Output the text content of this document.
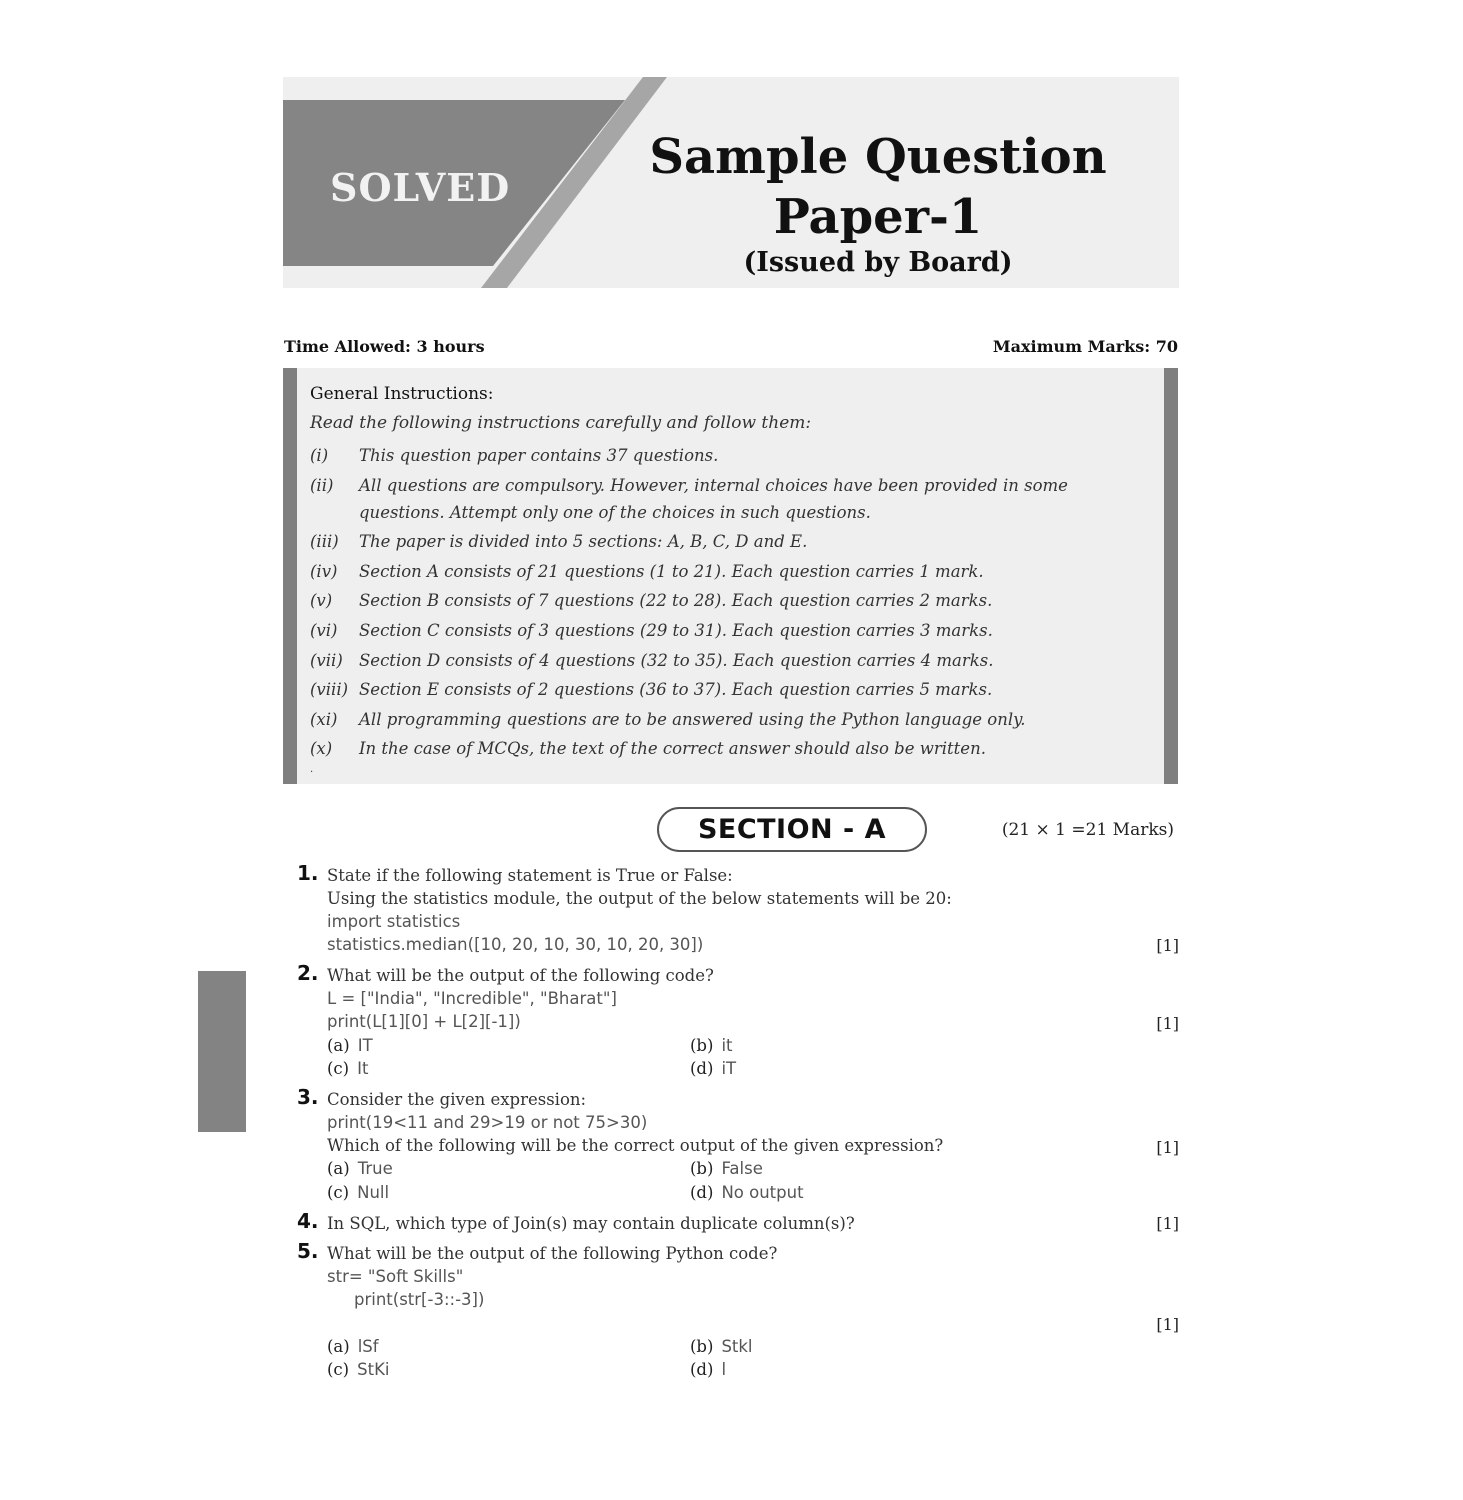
SOLVED
Sample Question
Paper-1
(Issued by Board)
Time Allowed: 3 hours	Maximum Marks: 70
General Instructions:
Read the following instructions carefully and follow them:
(i)	This question paper contains 37 questions.
(ii)	All questions are compulsory. However, internal choices have been provided in some questions. Attempt only one of the choices in such questions.
(iii)	The paper is divided into 5 sections: A, B, C, D and E.
(iv)	Section A consists of 21 questions (1 to 21). Each question carries 1 mark.
(v)	Section B consists of 7 questions (22 to 28). Each question carries 2 marks.
(vi)	Section C consists of 3 questions (29 to 31). Each question carries 3 marks.
(vii) Section D consists of 4 questions (32 to 35). Each question carries 4 marks.
(viii) Section E consists of 2 questions (36 to 37). Each question carries 5 marks.
(xi)	All programming questions are to be answered using the Python language only.
(x)	In the case of MCQs, the text of the correct answer should also be written.
.
SECTION - A	(21 × 1 =21 Marks)
1. State if the following statement is True or False:
Using the statistics module, the output of the below statements will be 20:
import statistics
statistics.median([10, 20, 10, 30, 10, 20, 30])	[1]
2. What will be the output of the following code?
L = ["India", "Incredible", "Bharat"]
print(L[1][0] + L[2][-1])	[1]
(a) IT	(b) it
(c) It	(d) iT
3. Consider the given expression:
print(19<11 and 29>19 or not 75>30)
Which of the following will be the correct output of the given expression?	[1]
(a) True	(b) False
(c) Null	(d) No output
4. In SQL, which type of Join(s) may contain duplicate column(s)?	[1]
5. What will be the output of the following Python code?
str= "Soft Skills"
print(str[-3::-3])
[1]
(a) lSf	(b) Stkl
(c) StKi	(d) l
